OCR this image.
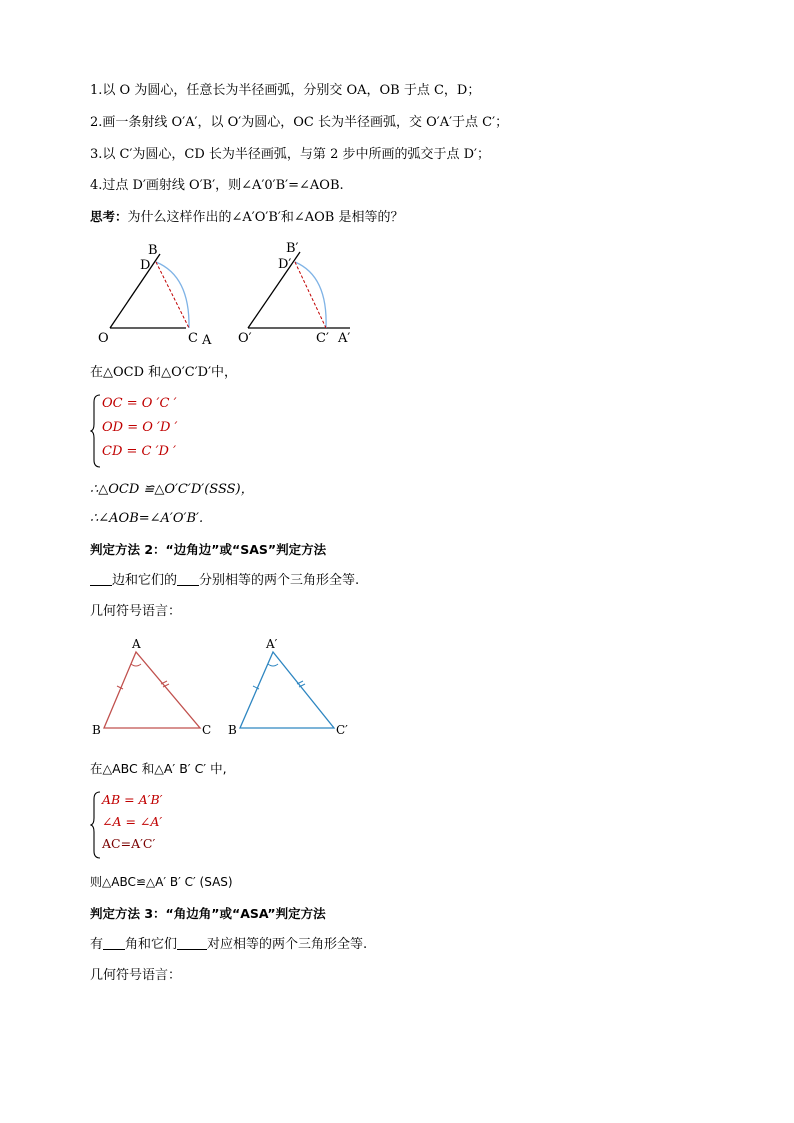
1.以 O 为圆心，任意长为半径画弧，分别交 OA，OB 于点 C，D；
2.画一条射线 O′A′，以 O′为圆心，OC 长为半径画弧，交 O′A′于点 C′；
3.以 C′为圆心，CD 长为半径画弧，与第 2 步中所画的弧交于点 D′；
4.过点 D′画射线 O′B′，则∠A′0′B′=∠AOB.
思考：为什么这样作出的∠A′O′B′和∠AOB 是相等的？
B
D
O	C A
B′
D′
O′	C′ A′
在△OCD 和△O′C′D′中，
OC = O ′C ′
OD = O ′D ′
CD = C ′D ′
∴△OCD ≌△O′C′D′(SSS)，
∴∠AOB=∠A′O′B′.
判定方法 2：“边角边”或“SAS”判定方法
边和它们的 分别相等的两个三角形全等.
几何符号语言：
A
B	C
A′
B	C′
在△ABC 和△A′ B′ C′ 中,
AB = A′B′
∠A = ∠A′
AC=A′C′
则△ABC≌△A′ B′ C′ (SAS)
判定方法 3：“角边角”或“ASA”判定方法
有 角和它们 对应相等的两个三角形全等.
几何符号语言：
